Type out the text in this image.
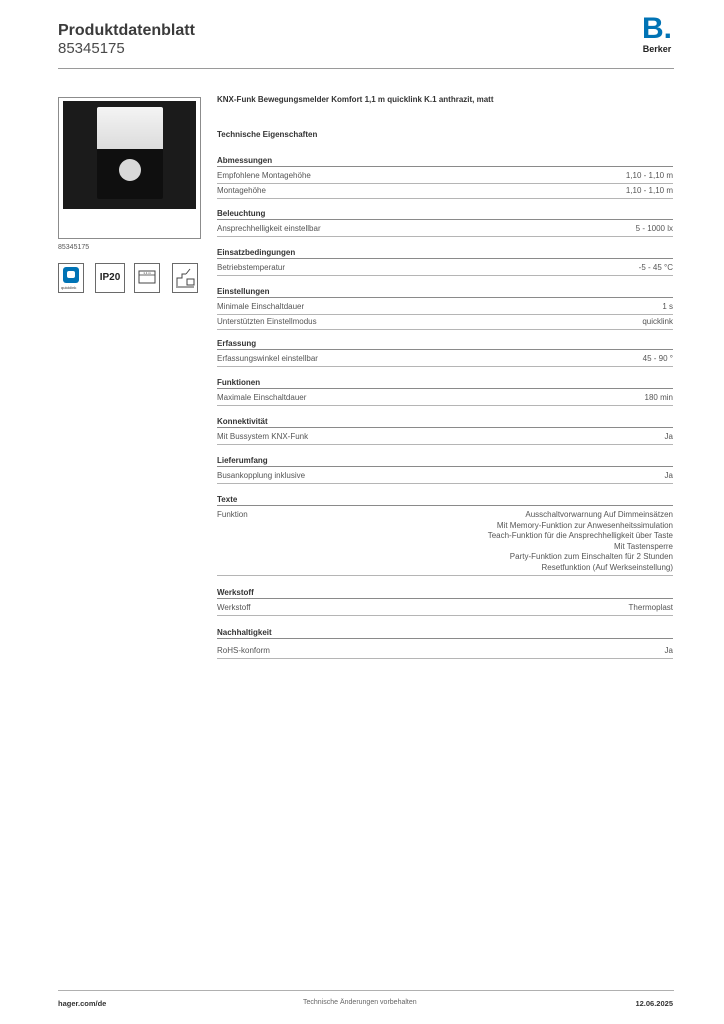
Produktdatenblatt
85345175
B.
Berker
85345175
quicklink
IP20	1,1 m
KNX-Funk Bewegungsmelder Komfort 1,1 m quicklink K.1 anthrazit, matt
Technische Eigenschaften
Abmessungen
Empfohlene Montagehöhe	1,10 - 1,10 m
Montagehöhe	1,10 - 1,10 m
Beleuchtung
Ansprechhelligkeit einstellbar	5 - 1000 lx
Einsatzbedingungen
Betriebstemperatur	-5 - 45 °C
Einstellungen
Minimale Einschaltdauer	1 s
Unterstützten Einstellmodus	quicklink
Erfassung
Erfassungswinkel einstellbar	45 - 90 °
Funktionen
Maximale Einschaltdauer	180 min
Konnektivität
Mit Bussystem KNX-Funk	Ja
Lieferumfang
Busankopplung inklusive	Ja
Texte
Funktion	Ausschaltvorwarnung Auf Dimmeinsätzen
Mit Memory-Funktion zur Anwesenheitssimulation
Teach-Funktion für die Ansprechhelligkeit über Taste
Mit Tastensperre
Party-Funktion zum Einschalten für 2 Stunden
Resetfunktion (Auf Werkseinstellung)
Werkstoff
Werkstoff	Thermoplast
Nachhaltigkeit
RoHS-konform	Ja
hager.com/de	Technische Änderungen vorbehalten	12.06.2025
